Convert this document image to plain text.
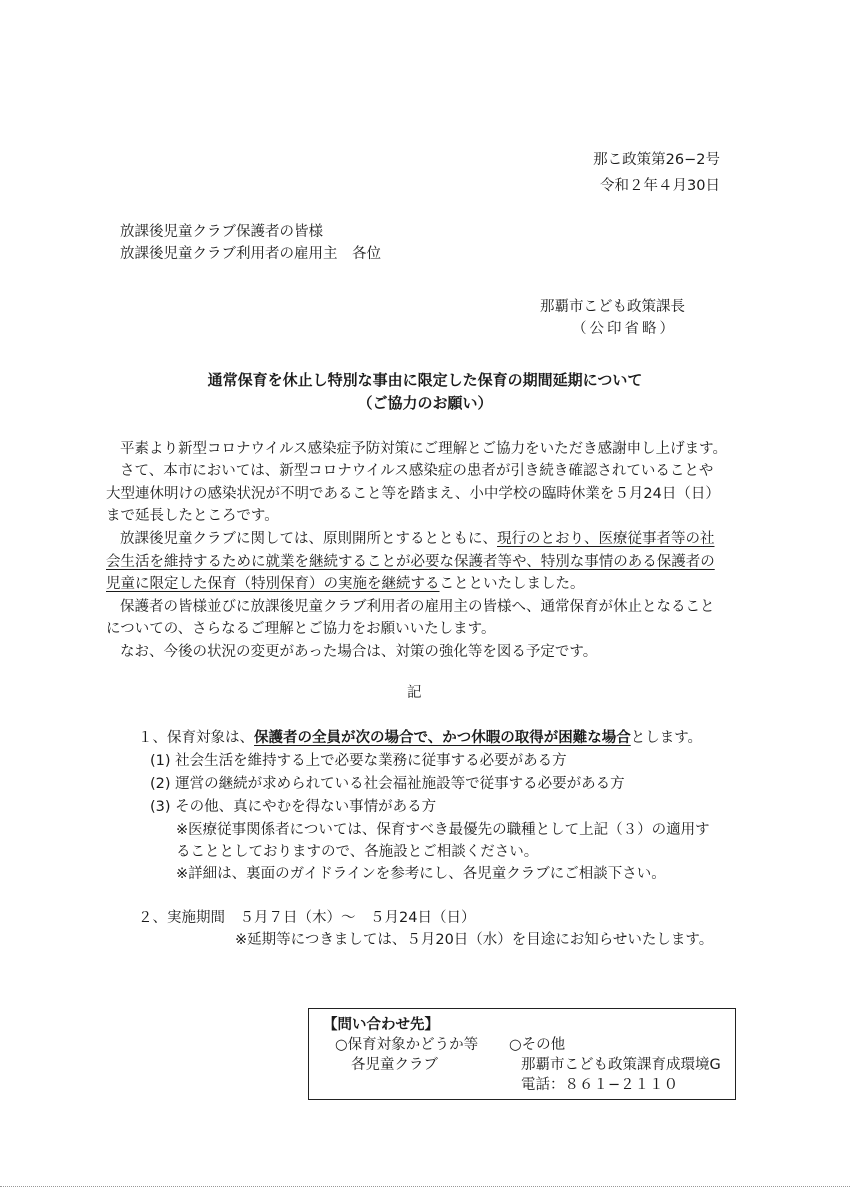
那こ政策第26−2号
令和２年４月30日
放課後児童クラブ保護者の皆様
放課後児童クラブ利用者の雇用主　各位
那覇市こども政策課長
（公印省略）
通常保育を休止し特別な事由に限定した保育の期間延期について
（ご協力のお願い）
平素より新型コロナウイルス感染症予防対策にご理解とご協力をいただき感謝申し上げます。
さて、本市においては、新型コロナウイルス感染症の患者が引き続き確認されていることや
大型連休明けの感染状況が不明であること等を踏まえ、小中学校の臨時休業を５月24日（日）
まで延長したところです。
放課後児童クラブに関しては、原則開所とするとともに、現行のとおり、医療従事者等の社
会生活を維持するために就業を継続することが必要な保護者等や、特別な事情のある保護者の
児童に限定した保育（特別保育）の実施を継続することといたしました。
保護者の皆様並びに放課後児童クラブ利用者の雇用主の皆様へ、通常保育が休止となること
についての、さらなるご理解とご協力をお願いいたします。
なお、今後の状況の変更があった場合は、対策の強化等を図る予定です。
記
１、保育対象は、保護者の全員が次の場合で、かつ休暇の取得が困難な場合とします。
(1) 社会生活を維持する上で必要な業務に従事する必要がある方
(2) 運営の継続が求められている社会福祉施設等で従事する必要がある方
(3) その他、真にやむを得ない事情がある方
※医療従事関係者については、保育すべき最優先の職種として上記（３）の適用す
ることとしておりますので、各施設とご相談ください。
※詳細は、裏面のガイドラインを参考にし、各児童クラブにご相談下さい。
２、実施期間　５月７日（木）～　５月24日（日）
※延期等につきましては、５月20日（水）を目途にお知らせいたします。
【問い合わせ先】
○保育対象かどうか等
各児童クラブ
○その他
那覇市こども政策課育成環境G
電話：８６１−２１１０
